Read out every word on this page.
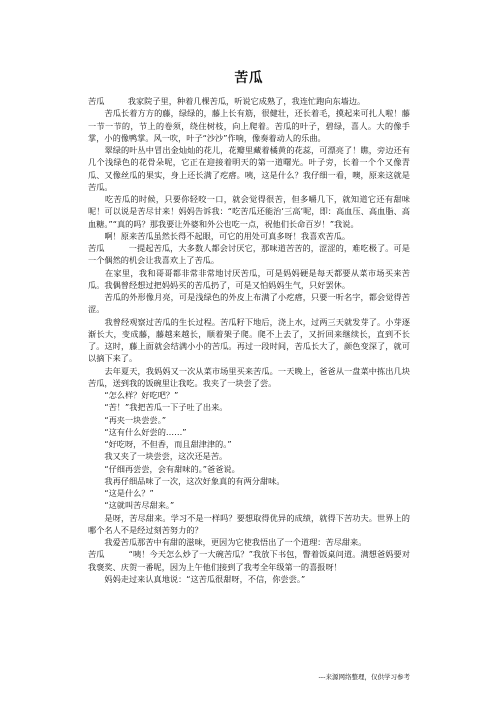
苦瓜

苦瓜         我家院子里，种着几棵苦瓜，听说它成熟了，我连忙跑向东墙边。

　　苦瓜长着方方的藤，绿绿的，藤上长有筋，很健壮，还长着毛，摸起来可扎人啦！藤一节一节的，节上的卷须，绕住树枝，向上爬着。苦瓜的叶子，碧绿，喜人。大的像手掌，小的像鸭掌。风一吹，叶子“沙沙”作响，像奏着动人的乐曲。

　　翠绿的叶丛中冒出金灿灿的花儿，花瓣里藏着橘黄的花蕊，可漂亮了！瞧，旁边还有几个浅绿色的花骨朵呢，它正在迎接着明天的第一道曙光。叶子旁，长着一个个又像青瓜、又像丝瓜的果实，身上还长满了疙瘩。咦，这是什么？我仔细一看，噢，原来这就是苦瓜。

　　吃苦瓜的时候，只要你轻咬一口，就会觉得很苦，但多嚼几下，就知道它还有甜味呢！可以说是苦尽甘来！妈妈告诉我：“吃苦瓜还能治‘三高’呢，即：高血压、高血脂、高血糖。”“真的吗？那我要让外婆和外公也吃一点，祝他们长命百岁！”我说。

　　啊！原来苦瓜虽然长得不起眼，可它的用处可真多呀！我喜欢苦瓜。

苦瓜         一提起苦瓜，大多数人都会讨厌它，那味道苦苦的，涩涩的，难吃极了。可是一个偶然的机会让我喜欢上了苦瓜。

　　在家里，我和哥哥都非常非常地讨厌苦瓜，可是妈妈硬是每天都要从菜市场买来苦瓜。我偶曾经想过把妈妈买的苦瓜扔了，可是又怕妈妈生气，只好罢休。

　　苦瓜的外形像月亮，可是浅绿色的外皮上布满了小疙瘩，只要一听名字，都会觉得苦涩。

　　我曾经观察过苦瓜的生长过程。苦瓜籽下地后，浇上水，过两三天就发芽了。小芽逐渐长大，变成藤，藤越来越长，顺着架子爬。爬不上去了，又折回来继续长，直到不长了。这时，藤上面就会结满小小的苦瓜。再过一段时间，苦瓜长大了，颜色变深了，就可以摘下来了。

　　去年夏天，我妈妈又一次从菜市场里买来苦瓜。一天晚上，爸爸从一盘菜中拣出几块苦瓜，送到我的饭碗里让我吃。我夹了一块尝了尝。

　　“怎么样？好吃吧？”

　　“苦！”我把苦瓜一下子吐了出来。

　　“再夹一块尝尝。”

　　“这有什么好尝的……”

　　“好吃呀，不但香，而且甜津津的。”

　　我又夹了一块尝尝，这次还是苦。

　　“仔细再尝尝，会有甜味的。”爸爸说。

　　我再仔细品味了一次，这次好象真的有两分甜味。

　　“这是什么？”

　　“这就叫苦尽甜来。”

　　是呀，苦尽甜来。学习不是一样吗？要想取得优异的成绩，就得下苦功夫。世界上的哪个名人不是经过刻苦努力的？

　　我爱苦瓜那苦中有甜的滋味，更因为它使我悟出了一个道理：苦尽甜来。

苦瓜         “咦！今天怎么炒了一大碗苦瓜？”我放下书包，瞥着饭桌问道。满想爸妈要对我褒奖、庆贺一番呢，因为上午他们接到了我考全年级第一的喜报呀！

　　妈妈走过来认真地说：“这苦瓜很甜呀，不信，你尝尝。”

---来源网络整理，仅供学习参考
